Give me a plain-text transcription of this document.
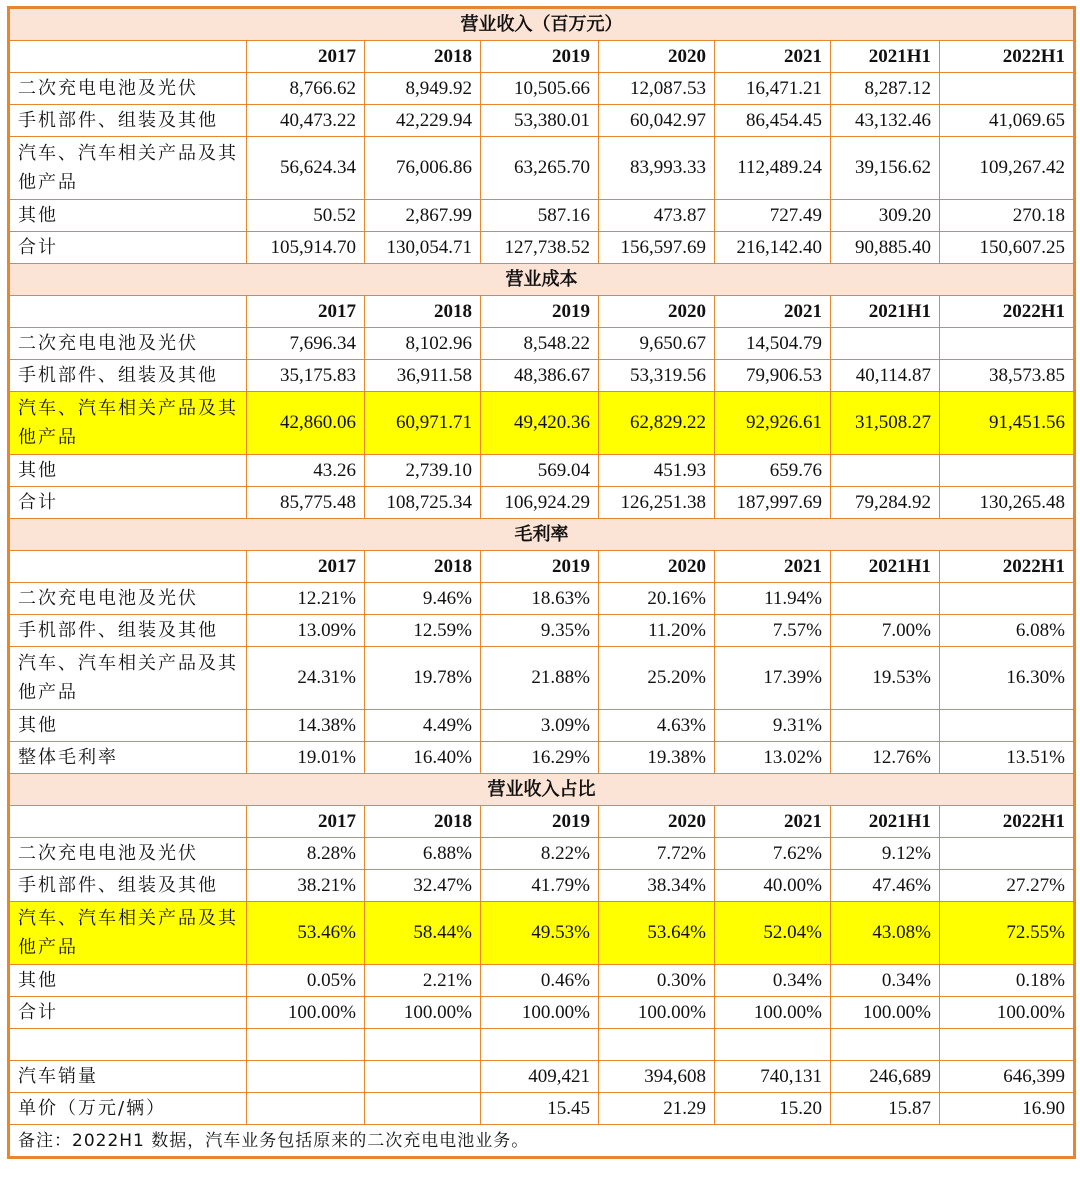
营业收入（百万元）							
	2017	2018	2019	2020	2021	2021H1	2022H1
二次充电电池及光伏	8,766.62	8,949.92	10,505.66	12,087.53	16,471.21	8,287.12	
手机部件、组装及其他	40,473.22	42,229.94	53,380.01	60,042.97	86,454.45	43,132.46	41,069.65
汽车、汽车相关产品及其他产品	56,624.34	76,006.86	63,265.70	83,993.33	112,489.24	39,156.62	109,267.42
其他	50.52	2,867.99	587.16	473.87	727.49	309.20	270.18
合计	105,914.70	130,054.71	127,738.52	156,597.69	216,142.40	90,885.40	150,607.25
营业成本							
	2017	2018	2019	2020	2021	2021H1	2022H1
二次充电电池及光伏	7,696.34	8,102.96	8,548.22	9,650.67	14,504.79		
手机部件、组装及其他	35,175.83	36,911.58	48,386.67	53,319.56	79,906.53	40,114.87	38,573.85
汽车、汽车相关产品及其他产品	42,860.06	60,971.71	49,420.36	62,829.22	92,926.61	31,508.27	91,451.56
其他	43.26	2,739.10	569.04	451.93	659.76		
合计	85,775.48	108,725.34	106,924.29	126,251.38	187,997.69	79,284.92	130,265.48
毛利率							
	2017	2018	2019	2020	2021	2021H1	2022H1
二次充电电池及光伏	12.21%	9.46%	18.63%	20.16%	11.94%		
手机部件、组装及其他	13.09%	12.59%	9.35%	11.20%	7.57%	7.00%	6.08%
汽车、汽车相关产品及其他产品	24.31%	19.78%	21.88%	25.20%	17.39%	19.53%	16.30%
其他	14.38%	4.49%	3.09%	4.63%	9.31%		
整体毛利率	19.01%	16.40%	16.29%	19.38%	13.02%	12.76%	13.51%
营业收入占比							
	2017	2018	2019	2020	2021	2021H1	2022H1
二次充电电池及光伏	8.28%	6.88%	8.22%	7.72%	7.62%	9.12%	
手机部件、组装及其他	38.21%	32.47%	41.79%	38.34%	40.00%	47.46%	27.27%
汽车、汽车相关产品及其他产品	53.46%	58.44%	49.53%	53.64%	52.04%	43.08%	72.55%
其他	0.05%	2.21%	0.46%	0.30%	0.34%	0.34%	0.18%
合计	100.00%	100.00%	100.00%	100.00%	100.00%	100.00%	100.00%

汽车销量			409,421	394,608	740,131	246,689	646,399
单价（万元/辆）			15.45	21.29	15.20	15.87	16.90
备注：2022H1 数据，汽车业务包括原来的二次充电电池业务。							
